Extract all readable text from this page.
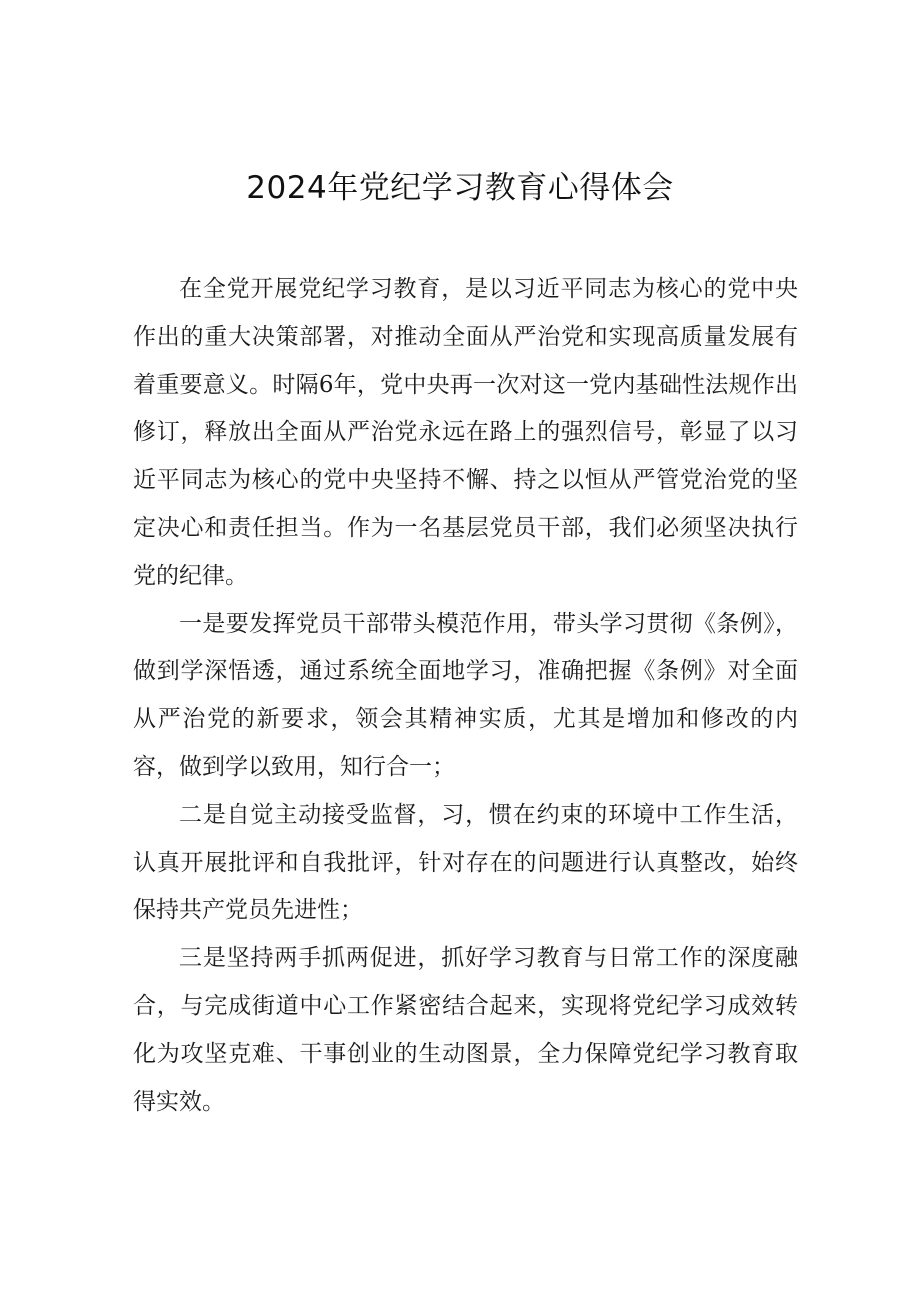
2024年党纪学习教育心得体会

在全党开展党纪学习教育，是以习近平同志为核心的党中央作出的重大决策部署，对推动全面从严治党和实现高质量发展有着重要意义。时隔6年，党中央再一次对这一党内基础性法规作出修订，释放出全面从严治党永远在路上的强烈信号，彰显了以习近平同志为核心的党中央坚持不懈、持之以恒从严管党治党的坚定决心和责任担当。作为一名基层党员干部，我们必须坚决执行党的纪律。

一是要发挥党员干部带头模范作用，带头学习贯彻《条例》，做到学深悟透，通过系统全面地学习，准确把握《条例》对全面从严治党的新要求，领会其精神实质，尤其是增加和修改的内容，做到学以致用，知行合一；

二是自觉主动接受监督，习，惯在约束的环境中工作生活，认真开展批评和自我批评，针对存在的问题进行认真整改，始终保持共产党员先进性；

三是坚持两手抓两促进，抓好学习教育与日常工作的深度融合，与完成街道中心工作紧密结合起来，实现将党纪学习成效转化为攻坚克难、干事创业的生动图景，全力保障党纪学习教育取得实效。
